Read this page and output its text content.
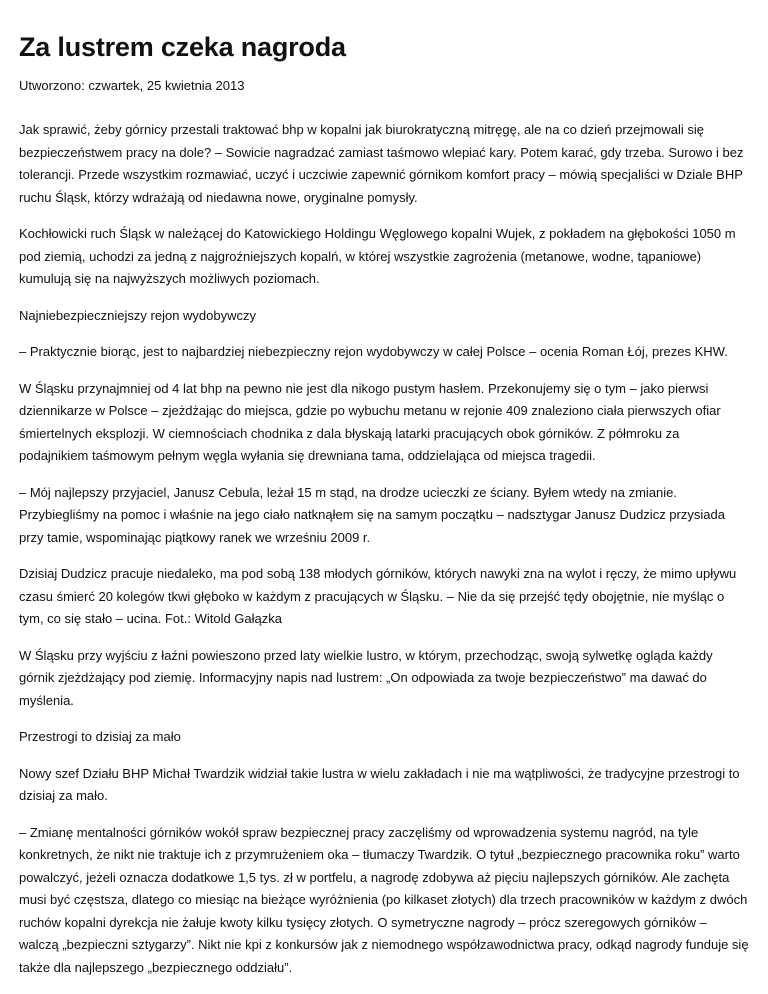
Za lustrem czeka nagroda

Utworzono: czwartek, 25 kwietnia 2013

Jak sprawić, żeby górnicy przestali traktować bhp w kopalni jak biurokratyczną mitręgę, ale na co dzień przejmowali się bezpieczeństwem pracy na dole? – Sowicie nagradzać zamiast taśmowo wlepiać kary. Potem karać, gdy trzeba. Surowo i bez tolerancji. Przede wszystkim rozmawiać, uczyć i uczciwie zapewnić górnikom komfort pracy – mówią specjaliści w Dziale BHP ruchu Śląsk, którzy wdrażają od niedawna nowe, oryginalne pomysły.

Kochłowicki ruch Śląsk w należącej do Katowickiego Holdingu Węglowego kopalni Wujek, z pokładem na głębokości 1050 m pod ziemią, uchodzi za jedną z najgroźniejszych kopalń, w której wszystkie zagrożenia (metanowe, wodne, tąpaniowe) kumulują się na najwyższych możliwych poziomach.

Najniebezpieczniejszy rejon wydobywczy

– Praktycznie biorąc, jest to najbardziej niebezpieczny rejon wydobywczy w całej Polsce – ocenia Roman Łój, prezes KHW.

W Śląsku przynajmniej od 4 lat bhp na pewno nie jest dla nikogo pustym hasłem. Przekonujemy się o tym – jako pierwsi dziennikarze w Polsce – zjeżdżając do miejsca, gdzie po wybuchu metanu w rejonie 409 znaleziono ciała pierwszych ofiar śmiertelnych eksplozji. W ciemnościach chodnika z dala błyskają latarki pracujących obok górników. Z półmroku za podajnikiem taśmowym pełnym węgla wyłania się drewniana tama, oddzielająca od miejsca tragedii.

– Mój najlepszy przyjaciel, Janusz Cebula, leżał 15 m stąd, na drodze ucieczki ze ściany. Byłem wtedy na zmianie. Przybiegliśmy na pomoc i właśnie na jego ciało natknąłem się na samym początku – nadsztygar Janusz Dudzicz przysiada przy tamie, wspominając piątkowy ranek we wrześniu 2009 r.

Dzisiaj Dudzicz pracuje niedaleko, ma pod sobą 138 młodych górników, których nawyki zna na wylot i ręczy, że mimo upływu czasu śmierć 20 kolegów tkwi głęboko w każdym z pracujących w Śląsku. – Nie da się przejść tędy obojętnie, nie myśląc o tym, co się stało – ucina. Fot.: Witold Gałązka

W Śląsku przy wyjściu z łaźni powieszono przed laty wielkie lustro, w którym, przechodząc, swoją sylwetkę ogląda każdy górnik zjeżdżający pod ziemię. Informacyjny napis nad lustrem: „On odpowiada za twoje bezpieczeństwo” ma dawać do myślenia.

Przestrogi to dzisiaj za mało

Nowy szef Działu BHP Michał Twardzik widział takie lustra w wielu zakładach i nie ma wątpliwości, że tradycyjne przestrogi to dzisiaj za mało.

– Zmianę mentalności górników wokół spraw bezpiecznej pracy zaczęliśmy od wprowadzenia systemu nagród, na tyle konkretnych, że nikt nie traktuje ich z przymrużeniem oka – tłumaczy Twardzik. O tytuł „bezpiecznego pracownika roku” warto powalczyć, jeżeli oznacza dodatkowe 1,5 tys. zł w portfelu, a nagrodę zdobywa aż pięciu najlepszych górników. Ale zachęta musi być częstsza, dlatego co miesiąc na bieżące wyróżnienia (po kilkaset złotych) dla trzech pracowników w każdym z dwóch ruchów kopalni dyrekcja nie żałuje kwoty kilku tysięcy złotych. O symetryczne nagrody – prócz szeregowych górników – walczą „bezpieczni sztygarzy”. Nikt nie kpi z konkursów jak z niemodnego współzawodnictwa pracy, odkąd nagrody funduje się także dla najlepszego „bezpiecznego oddziału”.
